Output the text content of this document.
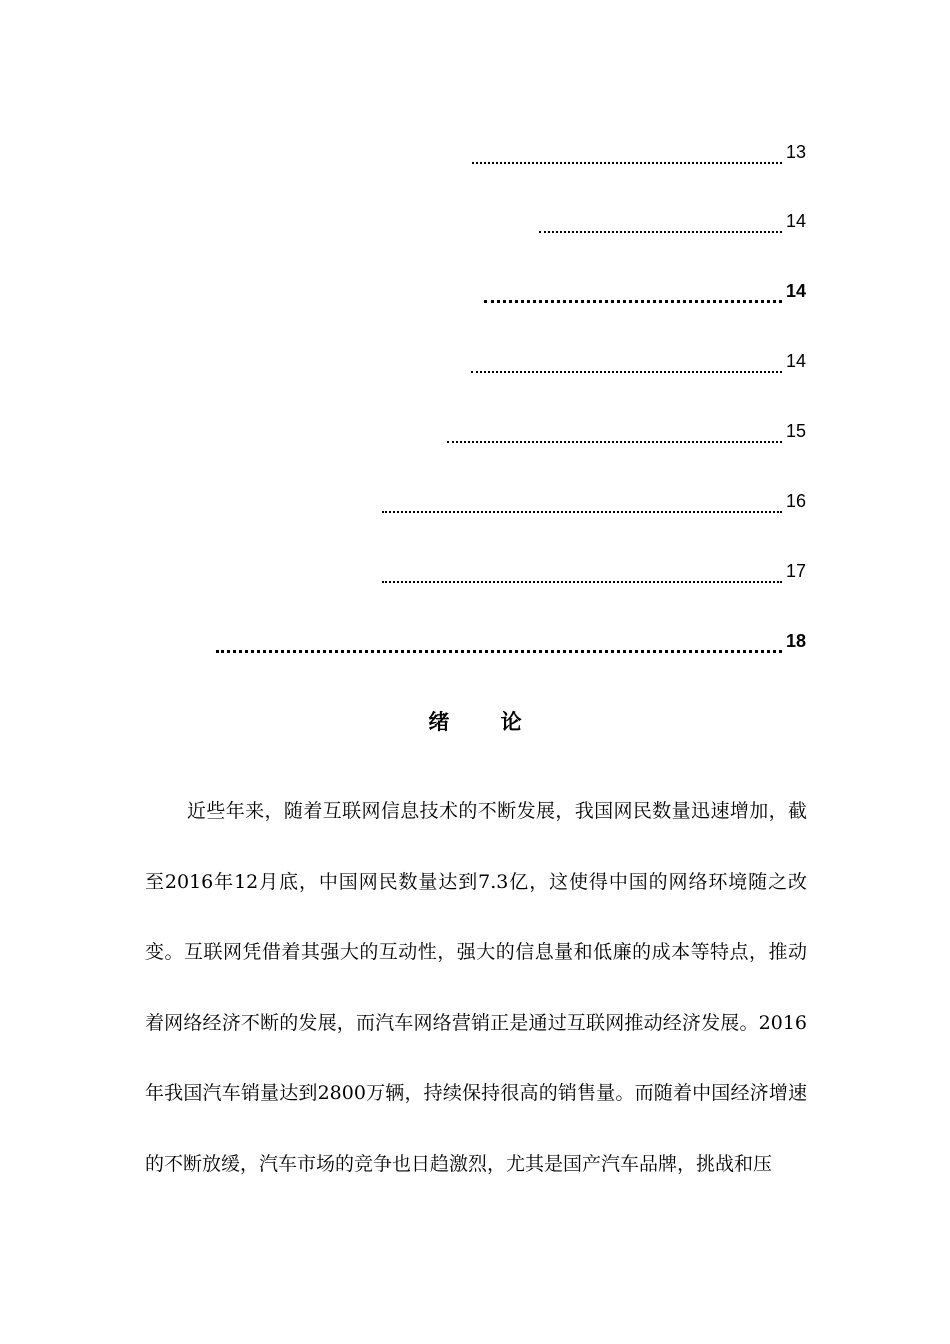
13
14
14
14
15
16
17
18
绪 论

近些年来，随着互联网信息技术的不断发展，我国网民数量迅速增加，截至2016年12月底，中国网民数量达到7.3亿，这使得中国的网络环境随之改变。互联网凭借着其强大的互动性，强大的信息量和低廉的成本等特点，推动着网络经济不断的发展，而汽车网络营销正是通过互联网推动经济发展。2016年我国汽车销量达到2800万辆，持续保持很高的销售量。而随着中国经济增速的不断放缓，汽车市场的竞争也日趋激烈，尤其是国产汽车品牌，挑战和压
